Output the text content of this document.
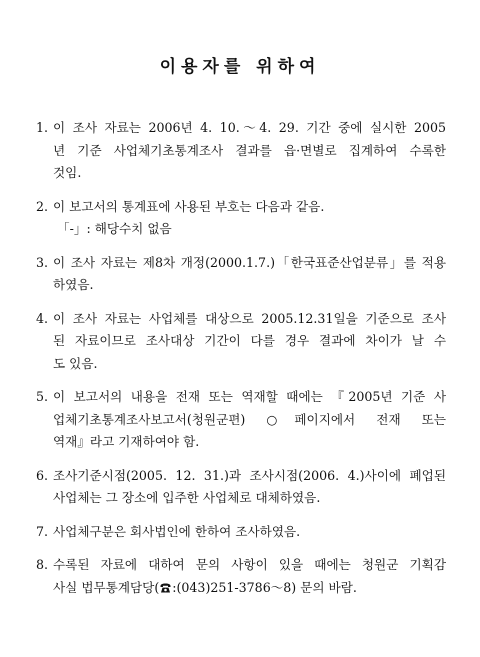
이용자를 위하여
1. 이 조사 자료는 2006년 4. 10.～4. 29. 기간 중에 실시한 2005
년 기준 사업체기초통계조사 결과를 읍·면별로 집계하여 수록한
것임.
2. 이 보고서의 통계표에 사용된 부호는 다음과 같음.
「-」: 해당수치 없음
3. 이 조사 자료는 제8차 개정(2000.1.7.)「한국표준산업분류」를 적용
하였음.
4. 이 조사 자료는 사업체를 대상으로 2005.12.31일을 기준으로 조사
된 자료이므로 조사대상 기간이 다를 경우 결과에 차이가 날 수
도 있음.
5. 이 보고서의 내용을 전재 또는 역재할 때에는 『2005년 기준 사
업체기초통계조사보고서(청원군편) ○페이지에서 전재 또는
역재』라고 기재하여야 함.
6. 조사기준시점(2005. 12. 31.)과 조사시점(2006. 4.)사이에 폐업된
사업체는 그 장소에 입주한 사업체로 대체하였음.
7. 사업체구분은 회사법인에 한하여 조사하였음.
8. 수록된 자료에 대하여 문의 사항이 있을 때에는 청원군 기획감
사실 법무통계담당( :(043)251-3786～8) 문의 바람.
